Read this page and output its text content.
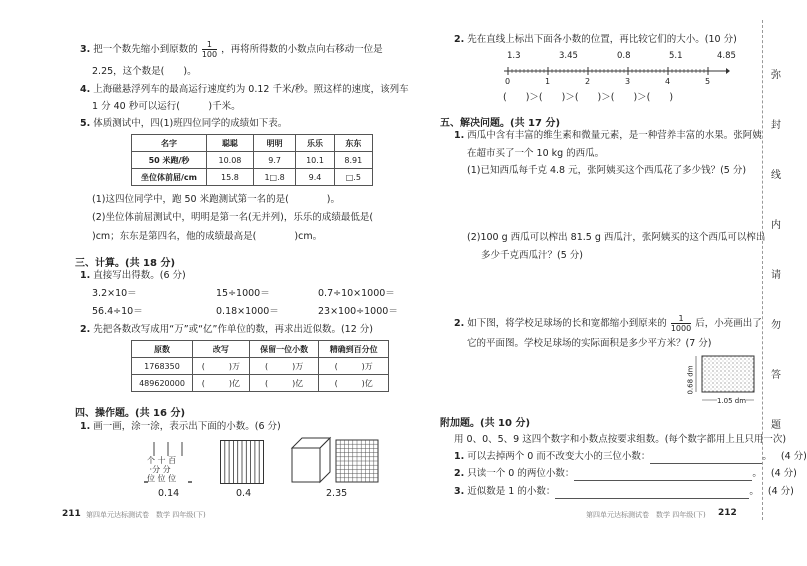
3. 把一个数先缩小到原数的 $\frac{1}{100}$ ，再将所得数的小数点向右移动一位是
2.25，这个数是(　　)。
4. 上海磁悬浮列车的最高运行速度约为 0.12 千米/秒。照这样的速度，该列车
1 分 40 秒可以运行(　　　)千米。
5. 体质测试中，四(1)班四位同学的成绩如下表。
名字	聪聪	明明	乐乐	东东
50 米跑/秒	10.08	9.7	10.1	8.91
坐位体前屈/cm	15.8	1□.8	9.4	□.5
(1)这四位同学中，跑 50 米跑测试第一名的是(　　　　)。
(2)坐位体前屈测试中，明明是第一名(无并列)，乐乐的成绩最低是(
)cm；东东是第四名，他的成绩最高是(　　　　)cm。
三、计算。(共 18 分)
1. 直接写出得数。(6 分)
3.2×10＝	15÷1000＝	0.7÷10×1000＝
56.4÷10＝	0.18×1000＝	23×100÷1000＝
2. 先把各数改写成用“万”或“亿”作单位的数，再求出近似数。(12 分)
原数	改写	保留一位小数	精确到百分位
1768350	(　　　)万	(　　　)万	(　　　)万
489620000	(　　　)亿	(　　　)亿	(　　　)亿
四、操作题。(共 16 分)
1. 画一画，涂一涂，表示出下面的小数。(6 分)
个 十 百
·分 分
位 位 位
0.14	0.4	2.35
211 第四单元达标测试卷　数学 四年级(下)
2. 先在直线上标出下面各小数的位置，再比较它们的大小。(10 分)
1.3	3.45	0.8	5.1	4.85
0	1	2	3	4	5
(　　)＞(　　)＞(　　)＞(　　)＞(　　)
五、解决问题。(共 17 分)
1. 西瓜中含有丰富的维生素和微量元素，是一种营养丰富的水果。张阿姨
在超市买了一个 10 kg 的西瓜。
(1)已知西瓜每千克 4.8 元，张阿姨买这个西瓜花了多少钱？(5 分)
(2)100 g 西瓜可以榨出 81.5 g 西瓜汁，张阿姨买的这个西瓜可以榨出
多少千克西瓜汁？(5 分)
2. 如下图，将学校足球场的长和宽都缩小到原来的 $\frac{1}{1000}$ 后，小亮画出了
它的平面图。学校足球场的实际面积是多少平方米？(7 分)
0.68 dm
1.05 dm
附加题。(共 10 分)
用 0、0、5、9 这四个数字和小数点按要求组数。(每个数字都用上且只用一次)
1. 可以去掉两个 0 而不改变大小的三位小数：	。 (4 分)
2. 只读一个 0 的两位小数：	。 (4 分)
3. 近似数是 1 的小数：	。 (4 分)
第四单元达标测试卷　数学 四年级(下) 212
弥
封
线
内
请
勿
答
题
